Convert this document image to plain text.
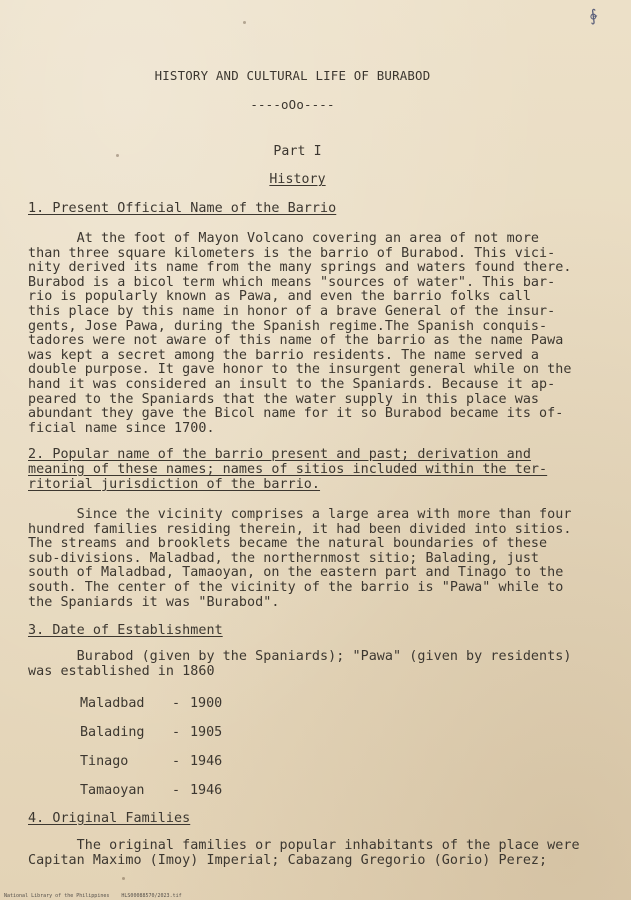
∲
HISTORY AND CULTURAL LIFE OF BURABOD
----oOo----
Part I
History
1. Present Official Name of the Barrio
At the foot of Mayon Volcano covering an area of not more
than three square kilometers is the barrio of Burabod. This vici-
nity derived its name from the many springs and waters found there.
Burabod is a bicol term which means "sources of water". This bar-
rio is popularly known as Pawa, and even the barrio folks call
this place by this name in honor of a brave General of the insur-
gents, Jose Pawa, during the Spanish regime.The Spanish conquis-
tadores were not aware of this name of the barrio as the name Pawa
was kept a secret among the barrio residents. The name served a
double purpose. It gave honor to the insurgent general while on the
hand it was considered an insult to the Spaniards. Because it ap-
peared to the Spaniards that the water supply in this place was
abundant they gave the Bicol name for it so Burabod became its of-
ficial name since 1700.
2. Popular name of the barrio present and past; derivation and
meaning of these names; names of sitios included within the ter-
ritorial jurisdiction of the barrio.
Since the vicinity comprises a large area with more than four
hundred families residing therein, it had been divided into sitios.
The streams and brooklets became the natural boundaries of these
sub-divisions. Maladbad, the northernmost sitio; Balading, just
south of Maladbad, Tamaoyan, on the eastern part and Tinago to the
south. The center of the vicinity of the barrio is "Pawa" while to
the Spaniards it was "Burabod".
3. Date of Establishment
Burabod (given by the Spaniards); "Pawa" (given by residents)
was established in 1860
Maladbad - 1900
Balading - 1905
Tinago	- 1946
Tamaoyan - 1946
4. Original Families
The original families or popular inhabitants of the place were
Capitan Maximo (Imoy) Imperial; Cabazang Gregorio (Gorio) Perez;
National Library of the Philippines    HLS00088570/2023.tif
